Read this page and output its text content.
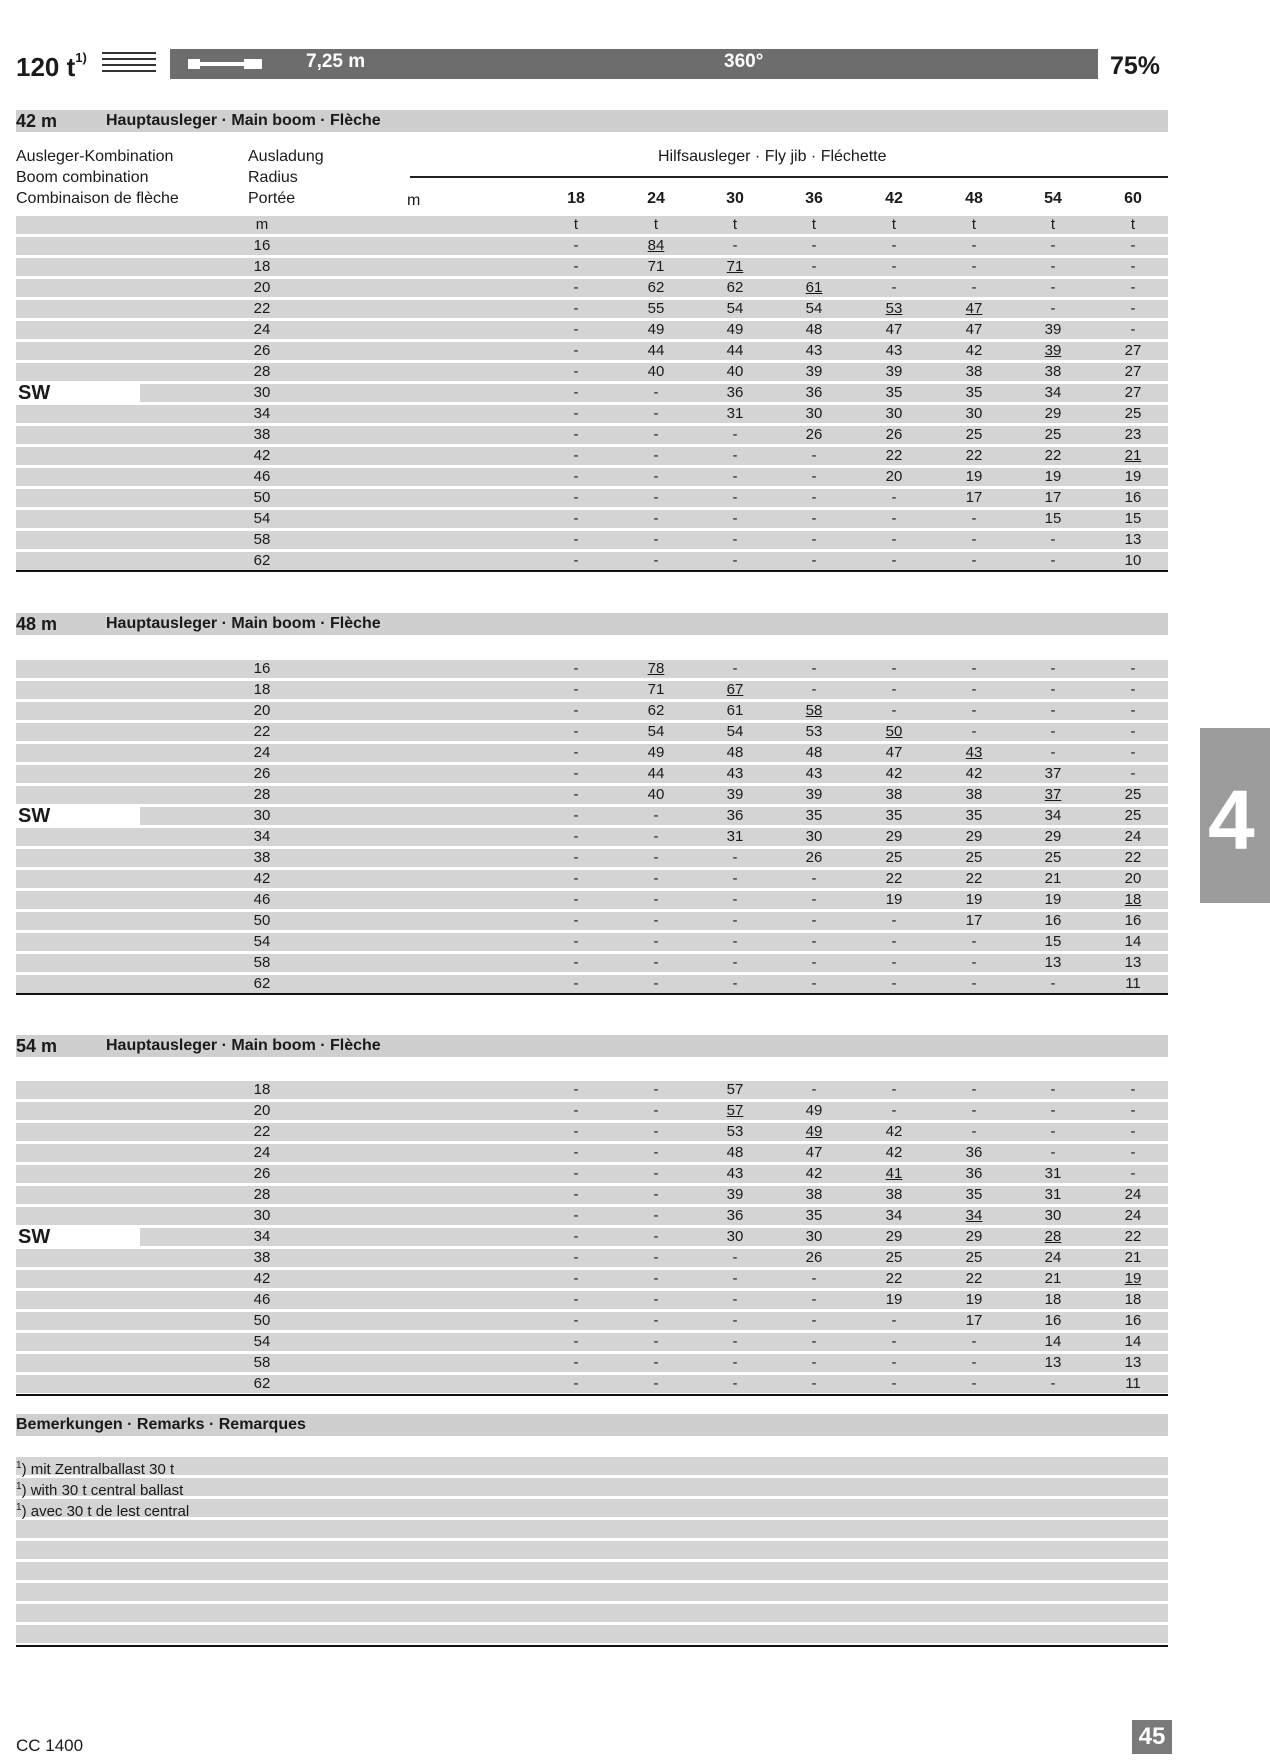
120 $t^{1)}$	7,25 m	360°	75%
Ausleger-Kombination
Boom combination
Combinaison de flèche
Ausladung
Radius
Portée
Hilfsausleger · Fly jib · Fléchette
m	18	24	30	36	42	48	54	60
42 m	Hauptausleger · Main boom · Flèche
m	t	t	t	t	t	t	t	t
16	-	84	-	-	-	-	-	-
18	-	71	71	-	-	-	-	-
20	-	62	62	61	-	-	-	-
22	-	55	54	54	53	47	-	-
24	-	49	49	48	47	47	39	-
26	-	44	44	43	43	42	39	27
28	-	40	40	39	39	38	38	27
30	-	-	36	36	35	35	34	27
SW
34	-	-	31	30	30	30	29	25
38	-	-	-	26	26	25	25	23
42	-	-	-	-	22	22	22	21
46	-	-	-	-	20	19	19	19
50	-	-	-	-	-	17	17	16
54	-	-	-	-	-	-	15	15
58	-	-	-	-	-	-	-	13
62	-	-	-	-	-	-	-	10
48 m	Hauptausleger · Main boom · Flèche
16	-	78	-	-	-	-	-	-
18	-	71	67	-	-	-	-	-
20	-	62	61	58	-	-	-	-
22	-	54	54	53	50	-	-	-
24	-	49	48	48	47	43	-	-
26	-	44	43	43	42	42	37	-
28	-	40	39	39	38	38	37	25
30	-	-	36	35	35	35	34	25
SW
34	-	-	31	30	29	29	29	24
38	-	-	-	26	25	25	25	22
42	-	-	-	-	22	22	21	20
46	-	-	-	-	19	19	19	18
50	-	-	-	-	-	17	16	16
54	-	-	-	-	-	-	15	14
58	-	-	-	-	-	-	13	13
62	-	-	-	-	-	-	-	11
54 m	Hauptausleger · Main boom · Flèche
18	-	-	57	-	-	-	-	-
20	-	-	57	49	-	-	-	-
22	-	-	53	49	42	-	-	-
24	-	-	48	47	42	36	-	-
26	-	-	43	42	41	36	31	-
28	-	-	39	38	38	35	31	24
30	-	-	36	35	34	34	30	24
34	-	-	30	30	29	29	28	22
SW
38	-	-	-	26	25	25	24	21
42	-	-	-	-	22	22	21	19
46	-	-	-	-	19	19	18	18
50	-	-	-	-	-	17	16	16
54	-	-	-	-	-	-	14	14
58	-	-	-	-	-	-	13	13
62	-	-	-	-	-	-	-	11
Bemerkungen · Remarks · Remarques
$^1$) mit Zentralballast 30 t
$^1$) with 30 t central ballast
$^1$) avec 30 t de lest central
4
CC 1400	45
